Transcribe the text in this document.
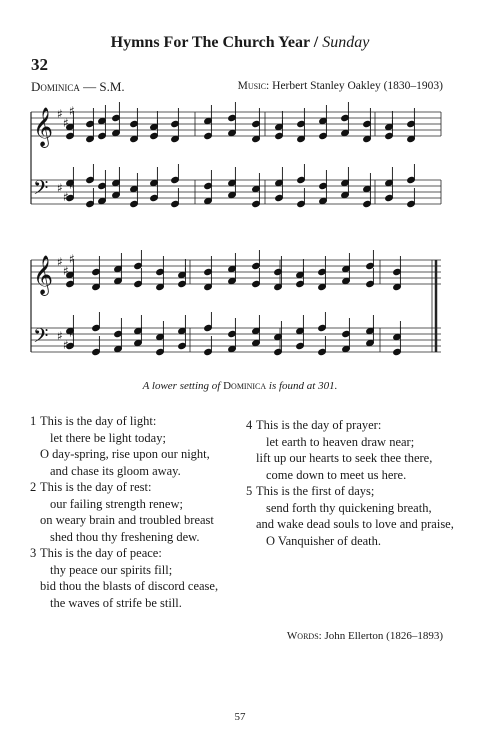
Hymns For The Church Year / Sunday
32
Dominica — S.M.	Music: Herbert Stanley Oakley (1830–1903)
𝄞 ♯
♯
♯
𝄢 ♯
♯
♯
𝄞 ♯
♯
♯
𝄢 ♯
♯
♯
A lower setting of Dominica is found at 301.
1 This is the day of light:
let there be light today;
O day-spring, rise upon our night,
and chase its gloom away.
2 This is the day of rest:
our failing strength renew;
on weary brain and troubled breast
shed thou thy freshening dew.
3 This is the day of peace:
thy peace our spirits fill;
bid thou the blasts of discord cease,
the waves of strife be still.
4 This is the day of prayer:
let earth to heaven draw near;
lift up our hearts to seek thee there,
come down to meet us here.
5 This is the first of days;
send forth thy quickening breath,
and wake dead souls to love and praise,
O Vanquisher of death.
Words: John Ellerton (1826–1893)
57
